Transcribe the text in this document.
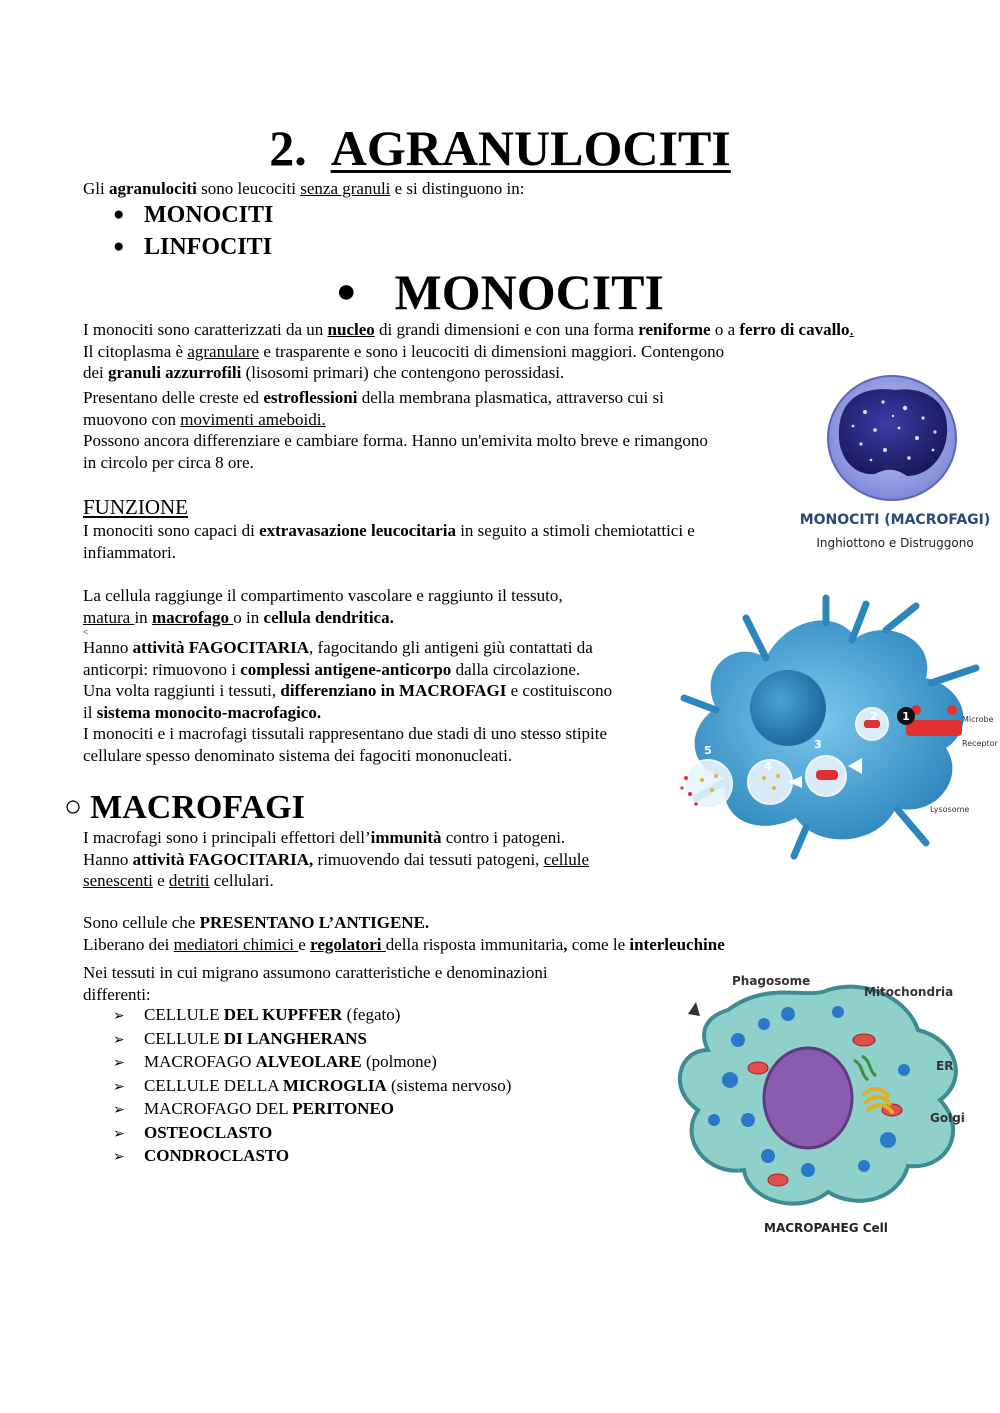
2. AGRANULOCITI
Gli agranulociti sono leucociti senza granuli e si distinguono in:
● MONOCITI
● LINFOCITI
● MONOCITI
I monociti sono caratterizzati da un nucleo di grandi dimensioni e con una forma reniforme o a ferro di cavallo.
Il citoplasma è agranulare e trasparente e sono i leucociti di dimensioni maggiori. Contengono
dei granuli azzurrofili (lisosomi primari) che contengono perossidasi.
Presentano delle creste ed estroflessioni della membrana plasmatica, attraverso cui si
muovono con movimenti ameboidi.
Possono ancora differenziare e cambiare forma. Hanno un'emivita molto breve e rimangono
in circolo per circa 8 ore.
FUNZIONE
I monociti sono capaci di extravasazione leucocitaria in seguito a stimoli chemiotattici e
infiammatori.
La cellula raggiunge il compartimento vascolare e raggiunto il tessuto,
matura in macrofago o in cellula dendritica.
<
Hanno attività FAGOCITARIA, fagocitando gli antigeni giù contattati da
anticorpi: rimuovono i complessi antigene-anticorpo dalla circolazione.
Una volta raggiunti i tessuti, differenziano in MACROFAGI e costituiscono
il sistema monocito-macrofagico.
I monociti e i macrofagi tissutali rappresentano due stadi di uno stesso stipite
cellulare spesso denominato sistema dei fagociti mononucleati.
○ MACROFAGI
I macrofagi sono i principali effettori dell’immunità contro i patogeni.
Hanno attività FAGOCITARIA, rimuovendo dai tessuti patogeni, cellule
senescenti e detriti cellulari.
Sono cellule che PRESENTANO L’ANTIGENE.
Liberano dei mediatori chimici e regolatori della risposta immunitaria, come le interleuchine
Nei tessuti in cui migrano assumono caratteristiche e denominazioni
differenti:
➢ CELLULE DEL KUPFFER (fegato)
➢ CELLULE DI LANGHERANS
➢ MACROFAGO ALVEOLARE (polmone)
➢ CELLULE DELLA MICROGLIA (sistema nervoso)
➢ MACROFAGO DEL PERITONEO
➢ OSTEOCLASTO
➢ CONDROCLASTO
MONOCITI (MACROFAGI)
Inghiottono e Distruggono
1
2
3
4
5
Microbe
Receptor
Lysosome
Phagosome
Mitochondria
ER
Golgi
MACROPAHEG Cell
